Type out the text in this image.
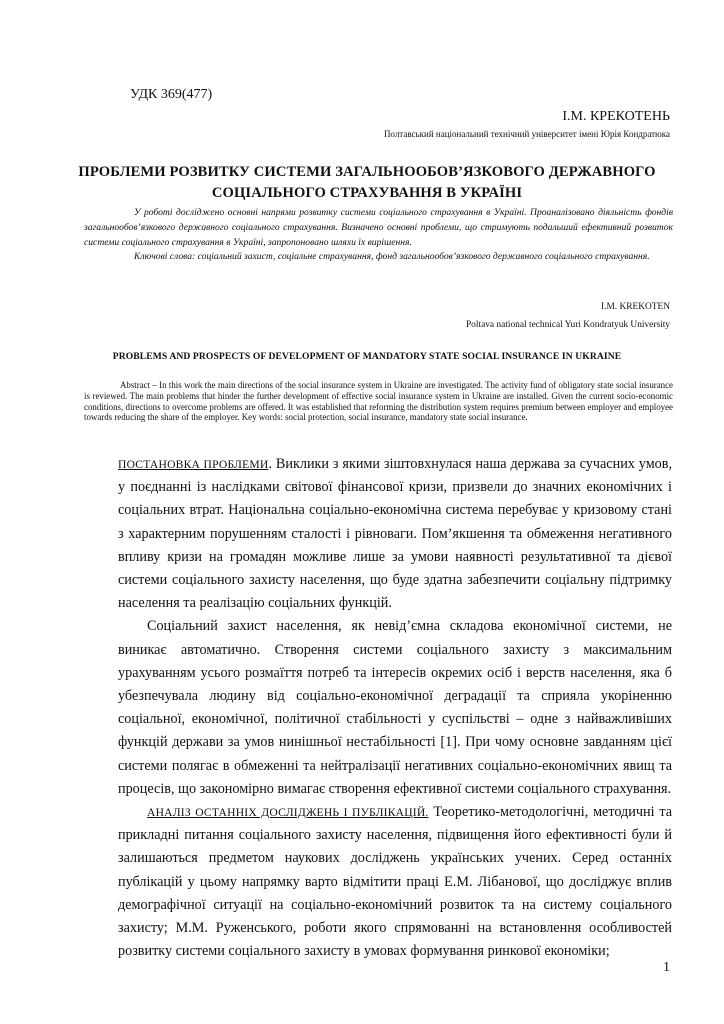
УДК 369(477)
І.М. КРЕКОТЕНЬ
Полтавський національний технічний університет імені Юрія Кондратюка
ПРОБЛЕМИ РОЗВИТКУ СИСТЕМИ ЗАГАЛЬНООБОВ’ЯЗКОВОГО ДЕРЖАВНОГО СОЦІАЛЬНОГО СТРАХУВАННЯ В УКРАЇНІ

У роботі досліджено основні напрями розвитку системи соціального страхування в Україні. Проаналізовано діяльність фондів загальнообов’язкового державного соціального страхування. Визначено основні проблеми, що стримують подальший ефективний розвиток системи соціального страхування в Україні, запропоновано шляхи їх вирішення.

Ключові слова: соціальний захист, соціальне страхування, фонд загальнообов’язкового державного соціального страхування.

I.M. KREKOTEN
Poltava national technical Yuri Kondratyuk University
PROBLEMS AND PROSPECTS OF DEVELOPMENT OF MANDATORY STATE SOCIAL INSURANCE IN UKRAINE

Abstract – In this work the main directions of the social insurance system in Ukraine are investigated. The activity fund of obligatory state social insurance is reviewed. The main problems that hinder the further development of effective social insurance system in Ukraine are installed. Given the current socio-economic conditions, directions to overcome problems are offered. It was established that reforming the distribution system requires premium between employer and employee towards reducing the share of the employer. Key words: social protection, social insurance, mandatory state social insurance.

ПОСТАНОВКА ПРОБЛЕМИ. Виклики з якими зіштовхнулася наша держава за сучасних умов, у поєднанні із наслідками світової фінансової кризи, призвели до значних економічних і соціальних втрат. Національна соціально-економічна система перебуває у кризовому стані з характерним порушенням сталості і рівноваги. Пом’якшення та обмеження негативного впливу кризи на громадян можливе лише за умови наявності результативної та дієвої системи соціального захисту населення, що буде здатна забезпечити соціальну підтримку населення та реалізацію соціальних функцій.

Соціальний захист населення, як невід’ємна складова економічної системи, не виникає автоматично. Створення системи соціального захисту з максимальним урахуванням усього розмаїття потреб та інтересів окремих осіб і верств населення, яка б убезпечувала людину від соціально-економічної деградації та сприяла укоріненню соціальної, економічної, політичної стабільності у суспільстві – одне з найважливіших функцій держави за умов нинішньої нестабільності [1]. При чому основне завданням цієї системи полягає в обмеженні та нейтралізації негативних соціально-економічних явищ та процесів, що закономірно вимагає створення ефективної системи соціального страхування.

АНАЛІЗ ОСТАННІХ ДОСЛІДЖЕНЬ І ПУБЛІКАЦІЙ. Теоретико-методологічні, методичні та прикладні питання соціального захисту населення, підвищення його ефективності були й залишаються предметом наукових досліджень українських учених. Серед останніх публікацій у цьому напрямку варто відмітити праці Е.М. Лібанової, що досліджує вплив демографічної ситуації на соціально-економічний розвиток та на систему соціального захисту; М.М. Руженського, роботи якого спрямованні на встановлення особливостей розвитку системи соціального захисту в умовах формування ринкової економіки;

1
